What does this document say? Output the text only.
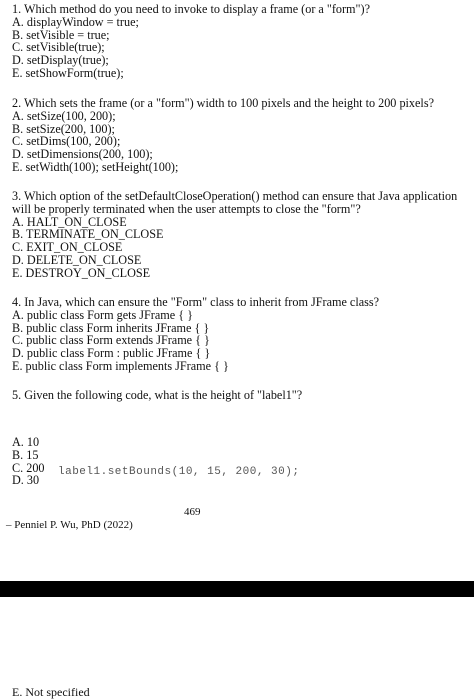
1. Which method do you need to invoke to display a frame (or a "form")?

A. displayWindow = true;

B. setVisible = true;

C. setVisible(true);

D. setDisplay(true);

E. setShowForm(true);

2. Which sets the frame (or a "form") width to 100 pixels and the height to 200 pixels?

A. setSize(100, 200);

B. setSize(200, 100);

C. setDims(100, 200);

D. setDimensions(200, 100);

E. setWidth(100); setHeight(100);

3. Which option of the setDefaultCloseOperation() method can ensure that Java application will be properly terminated when the user attempts to close the "form"?

A. HALT_ON_CLOSE

B. TERMINATE_ON_CLOSE

C. EXIT_ON_CLOSE

D. DELETE_ON_CLOSE

E. DESTROY_ON_CLOSE

4. In Java, which can ensure the "Form" class to inherit from JFrame class?

A. public class Form gets JFrame { }

B. public class Form inherits JFrame { }

C. public class Form extends JFrame { }

D. public class Form : public JFrame { }

E. public class Form implements JFrame { }

5. Given the following code, what is the height of "label1"?

label1.setBounds(10, 15, 200, 30);

A. 10

B. 15

C. 200

D. 30

469
– Penniel P. Wu, PhD (2022)
E. Not specified
